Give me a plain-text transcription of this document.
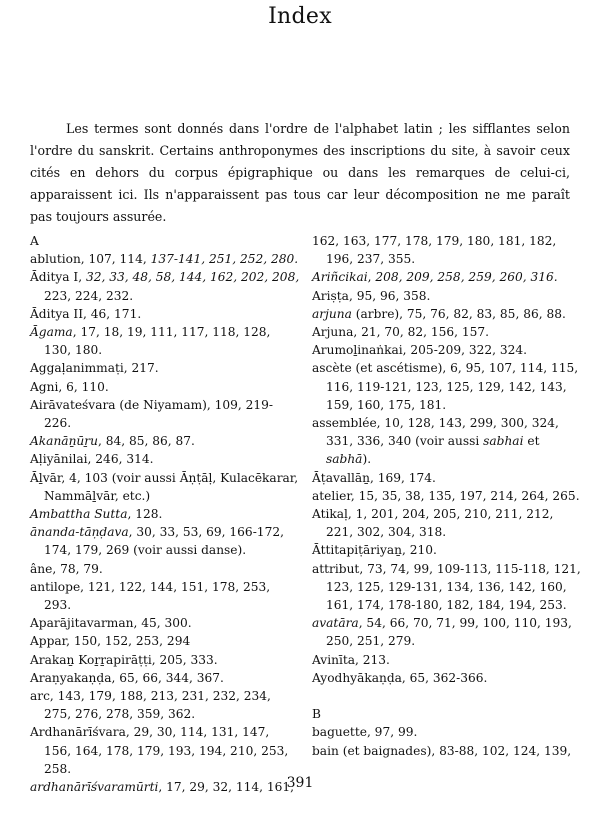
Index

Les termes sont donnés dans l'ordre de l'alphabet latin ; les sifflantes selon l'ordre du sanskrit. Certains anthroponymes des inscriptions du site, à savoir ceux cités en dehors du corpus épigraphique ou dans les remarques de celui-ci, apparaissent ici. Ils n'apparaissent pas tous car leur décomposition ne me paraît pas toujours assurée.

A
ablution, 107, 114, 137-141, 251, 252, 280.
Āditya I, 32, 33, 48, 58, 144, 162, 202, 208, 223, 224, 232.
Āditya II, 46, 171.
Āgama, 17, 18, 19, 111, 117, 118, 128, 130, 180.
Aggaḷanimmaṭi, 217.
Agni, 6, 110.
Airāvateśvara (de Niyamam), 109, 219-226.
Akanāṉūṟu, 84, 85, 86, 87.
Aḷiyānilai, 246, 314.
Āḻvār, 4, 103 (voir aussi Āṇṭāḷ, Kulacēkarar, Nammāḻvār, etc.)
Ambattha Sutta, 128.
ānanda-tāṇḍava, 30, 33, 53, 69, 166-172, 174, 179, 269 (voir aussi danse).
âne, 78, 79.
antilope, 121, 122, 144, 151, 178, 253, 293.
Aparājitavarman, 45, 300.
Appar, 150, 152, 253, 294
Arakaṉ Koṟṟapirāṭṭi, 205, 333.
Araṇyakaṇḍa, 65, 66, 344, 367.
arc, 143, 179, 188, 213, 231, 232, 234, 275, 276, 278, 359, 362.
Ardhanārīśvara, 29, 30, 114, 131, 147, 156, 164, 178, 179, 193, 194, 210, 253, 258.
ardhanārīśvaramūrti, 17, 29, 32, 114, 161,
162, 163, 177, 178, 179, 180, 181, 182, 196, 237, 355.
Ariñcikai, 208, 209, 258, 259, 260, 316.
Ariṣṭa, 95, 96, 358.
arjuna (arbre), 75, 76, 82, 83, 85, 86, 88.
Arjuna, 21, 70, 82, 156, 157.
Arumoḻinaṅkai, 205-209, 322, 324.
ascète (et ascétisme), 6, 95, 107, 114, 115, 116, 119-121, 123, 125, 129, 142, 143, 159, 160, 175, 181.
assemblée, 10, 128, 143, 299, 300, 324, 331, 336, 340 (voir aussi sabhai et sabhā).
Āṭavallāṉ, 169, 174.
atelier, 15, 35, 38, 135, 197, 214, 264, 265.
Atikaḷ, 1, 201, 204, 205, 210, 211, 212, 221, 302, 304, 318.
Āttitapiṭāriyaṉ, 210.
attribut, 73, 74, 99, 109-113, 115-118, 121, 123, 125, 129-131, 134, 136, 142, 160, 161, 174, 178-180, 182, 184, 194, 253.
avatāra, 54, 66, 70, 71, 99, 100, 110, 193, 250, 251, 279.
Avinīta, 213.
Ayodhyākaṇḍa, 65, 362-366.
B
baguette, 97, 99.
bain (et baignades), 83-88, 102, 124, 139,
391
